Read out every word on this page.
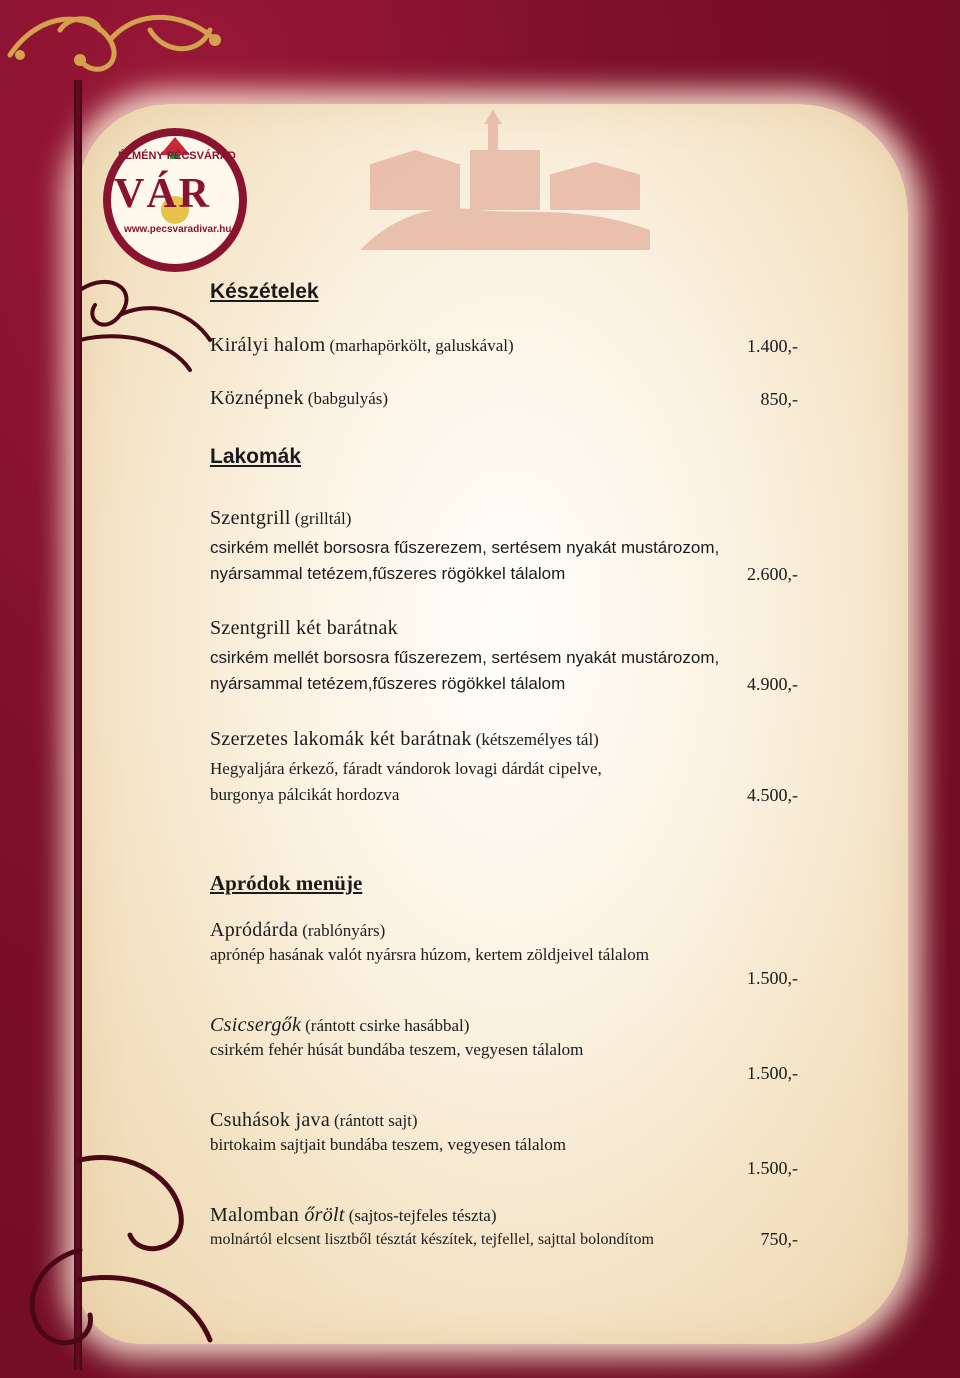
ÉLMÉNY PÉCSVÁRAD
VÁR
www.pecsvaradivar.hu
Készételek
Királyi halom (marhapörkölt, galuskával)	1.400,-
Köznépnek (babgulyás)	850,-
Lakomák
Szentgrill (grilltál)
csirkém mellét borsosra fűszerezem, sertésem nyakát mustározom,
nyársammal tetézem,fűszeres rögökkel tálalom	2.600,-
Szentgrill két barátnak
csirkém mellét borsosra fűszerezem, sertésem nyakát mustározom,
nyársammal tetézem,fűszeres rögökkel tálalom	4.900,-
Szerzetes lakomák két barátnak (kétszemélyes tál)
Hegyaljára érkező, fáradt vándorok lovagi dárdát cipelve,
burgonya pálcikát hordozva	4.500,-
Apródok menüje
Apródárda (rablónyárs)
aprónép hasának valót nyársra húzom, kertem zöldjeivel tálalom
1.500,-
Csicsergők (rántott csirke hasábbal)
csirkém fehér húsát bundába teszem, vegyesen tálalom
1.500,-
Csuhások java (rántott sajt)
birtokaim sajtjait bundába teszem, vegyesen tálalom
1.500,-
Malomban őrölt (sajtos-tejfeles tészta)
molnártól elcsent lisztből tésztát készítek, tejfellel, sajttal bolondítom	750,-
